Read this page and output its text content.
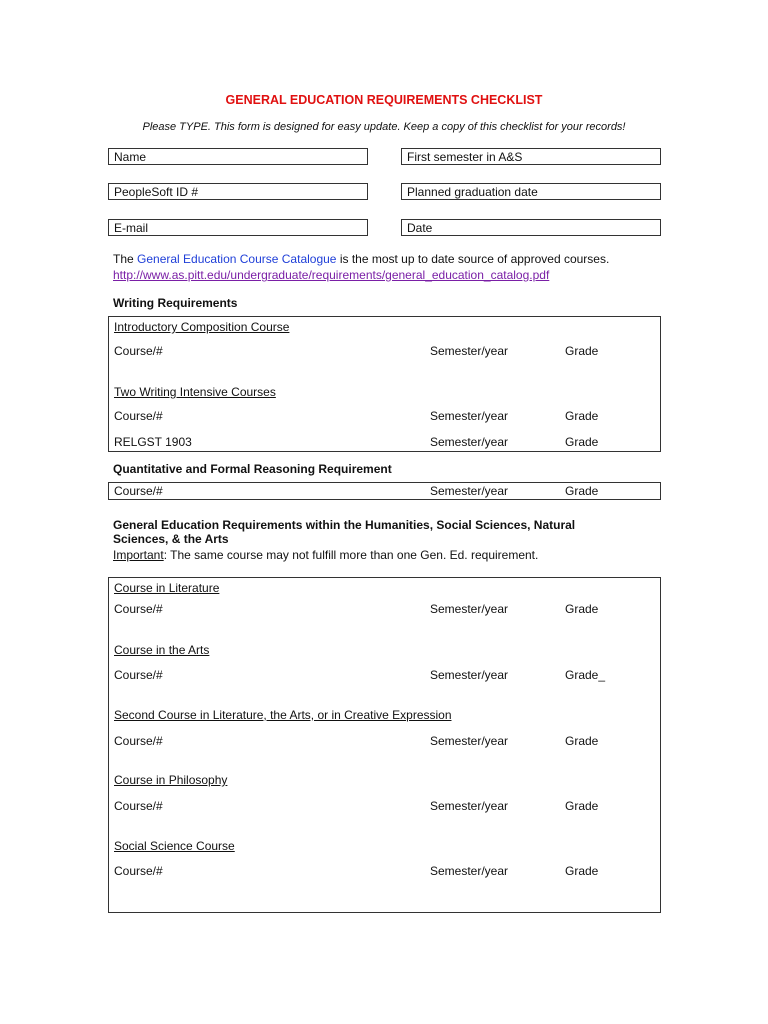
GENERAL EDUCATION REQUIREMENTS CHECKLIST
Please TYPE. This form is designed for easy update. Keep a copy of this checklist for your records!
Name	First semester in A&S
PeopleSoft ID #	Planned graduation date
E-mail	Date
The General Education Course Catalogue is the most up to date source of approved courses.
http://www.as.pitt.edu/undergraduate/requirements/general_education_catalog.pdf
Writing Requirements
Introductory Composition Course
Course/#	Semester/year	Grade
Two Writing Intensive Courses
Course/#	Semester/year	Grade
RELGST 1903	Semester/year	Grade
Quantitative and Formal Reasoning Requirement
Course/#	Semester/year	Grade
General Education Requirements within the Humanities, Social Sciences, Natural Sciences, & the Arts
Important: The same course may not fulfill more than one Gen. Ed. requirement.
Course in Literature
Course/#	Semester/year	Grade
Course in the Arts
Course/#	Semester/year	Grade_
Second Course in Literature, the Arts, or in Creative Expression
Course/#	Semester/year	Grade
Course in Philosophy
Course/#	Semester/year	Grade
Social Science Course
Course/#	Semester/year	Grade
